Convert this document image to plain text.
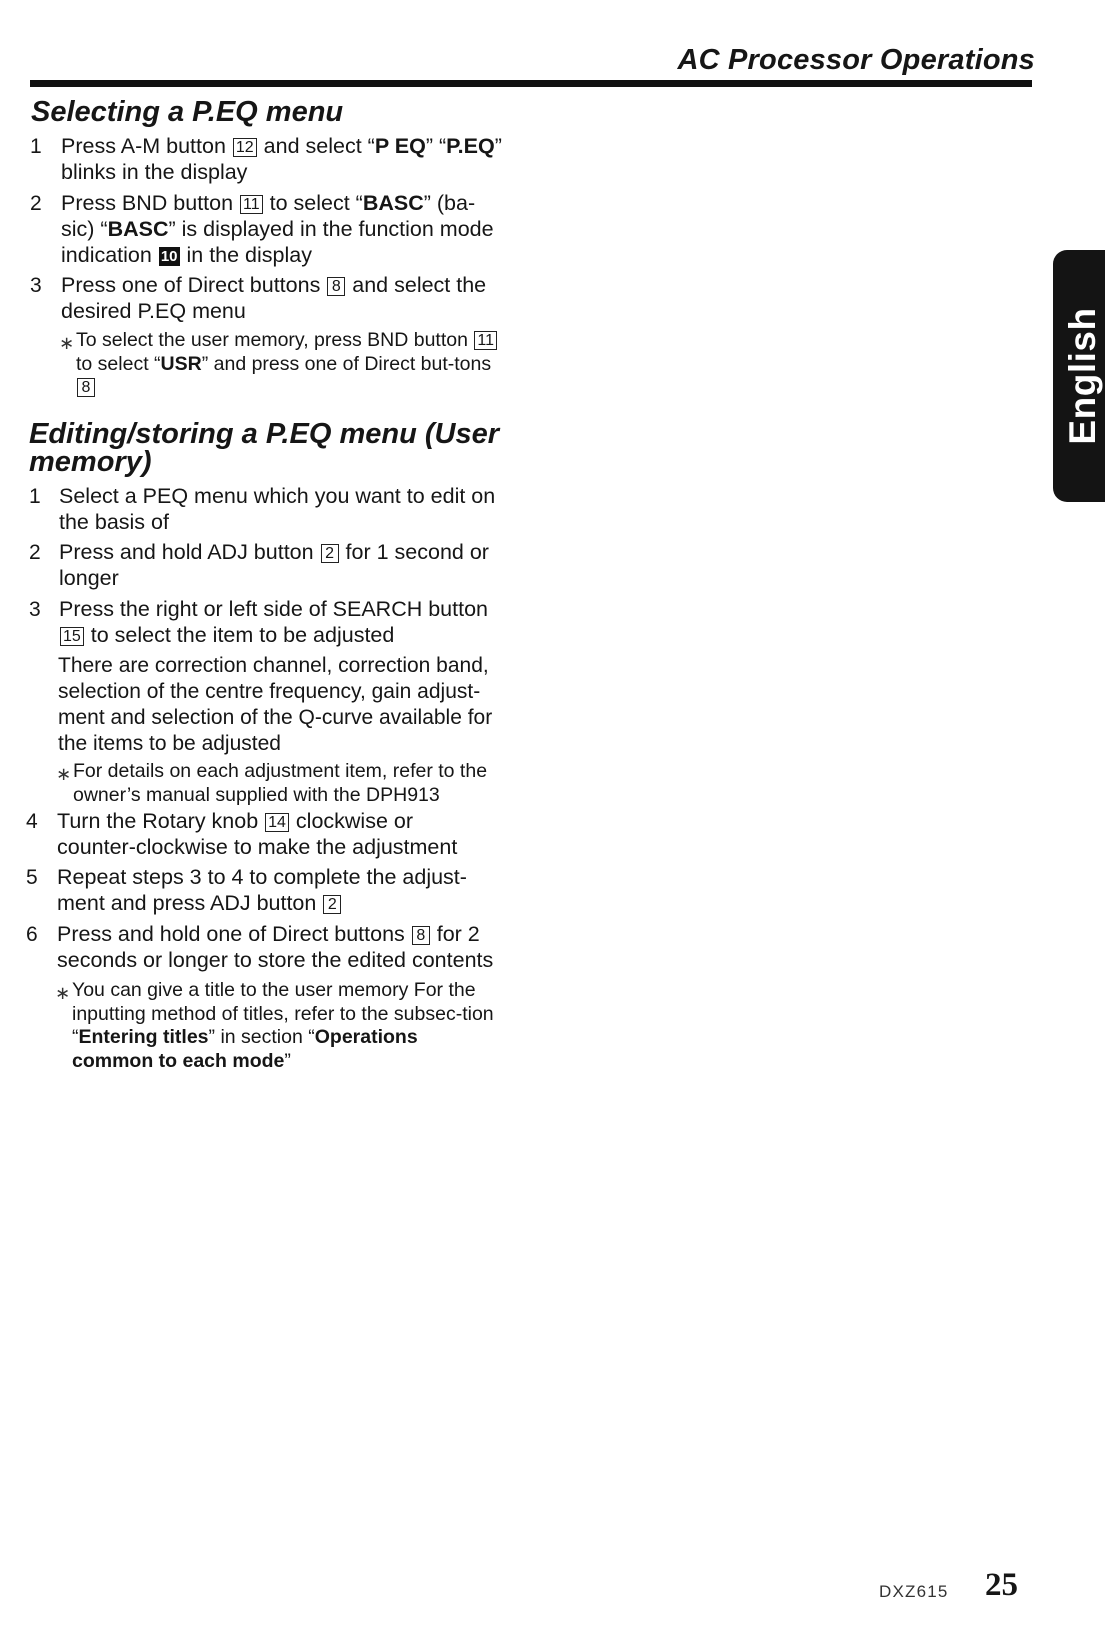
AC Processor Operations
English
Selecting a P.EQ menu
1 Press A-M button 12 and select “P EQ” “P.EQ” blinks in the display
2 Press BND button 11 to select “BASC” (ba-sic) “BASC” is displayed in the function mode indication 10 in the display
3 Press one of Direct buttons 8 and select the desired P.EQ menu
∗ To select the user memory, press BND button 11 to select “USR” and press one of Direct but-tons 8
Editing/storing a P.EQ menu (User
memory)
1 Select a PEQ menu which you want to edit on the basis of
2 Press and hold ADJ button 2 for 1 second or longer
3 Press the right or left side of SEARCH button 15 to select the item to be adjusted
There are correction channel, correction band, selection of the centre frequency, gain adjust-ment and selection of the Q-curve available for the items to be adjusted
∗ For details on each adjustment item, refer to the owner’s manual supplied with the DPH913
4 Turn the Rotary knob 14 clockwise or counter-clockwise to make the adjustment
5 Repeat steps 3 to 4 to complete the adjust-ment and press ADJ button 2
6 Press and hold one of Direct buttons 8 for 2 seconds or longer to store the edited contents
∗ You can give a title to the user memory For the inputting method of titles, refer to the subsec-tion “Entering titles” in section “Operations common to each mode”
DXZ615 25
